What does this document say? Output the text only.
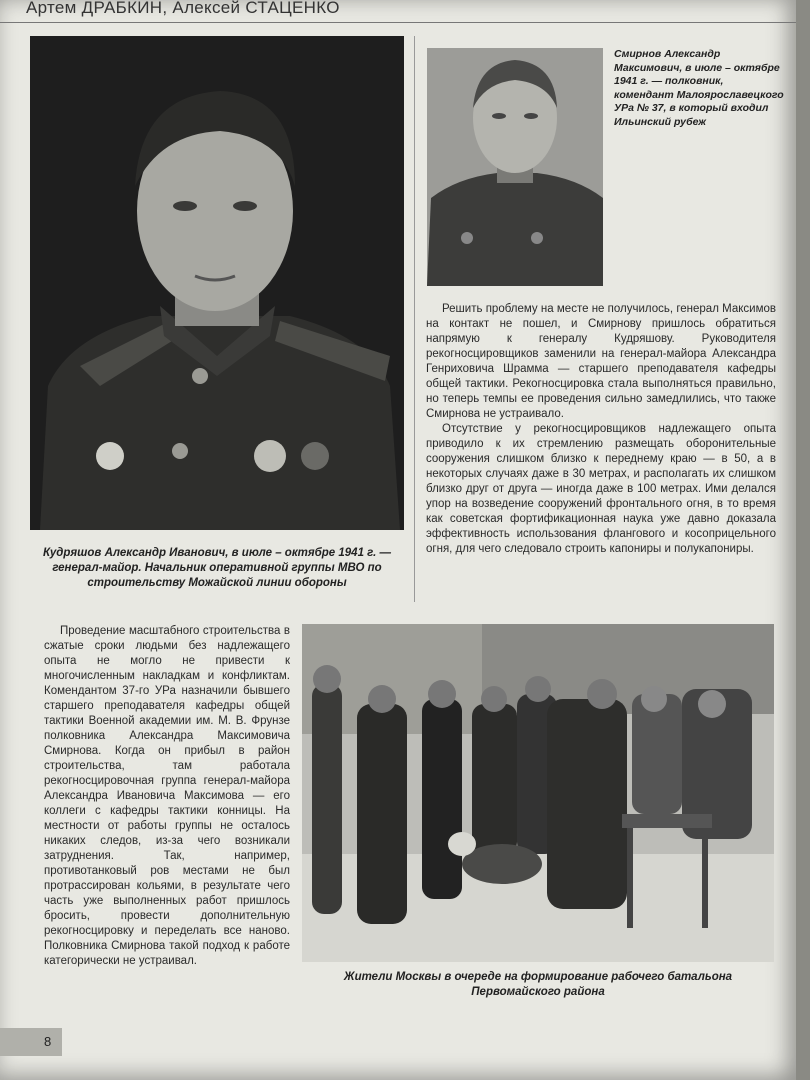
Артем ДРАБКИН, Алексей СТАЦЕНКО
Смирнов Александр Максимович, в июле – октябре 1941 г. — полковник, комендант Малоярославецкого УРа № 37, в который входил Ильинский рубеж
Кудряшов Александр Иванович, в июле – октябре 1941 г. — генерал-майор. Начальник оперативной группы МВО по строительству Можайской линии обороны

Решить проблему на месте не получилось, генерал Максимов на контакт не пошел, и Смирнову пришлось обратиться напрямую к генералу Кудряшову. Руководителя рекогносцировщиков заменили на генерал-майора Александра Генриховича Шрамма — старшего преподавателя кафедры общей тактики. Рекогносцировка стала выполняться правильно, но теперь темпы ее проведения сильно замедлились, что также Смирнова не устраивало.

Отсутствие у рекогносцировщиков надлежащего опыта приводило к их стремлению размещать оборонительные сооружения слишком близко к переднему краю — в 50, а в некоторых случаях даже в 30 метрах, и располагать их слишком близко друг от друга — иногда даже в 100 метрах. Ими делался упор на возведение сооружений фронтального огня, в то время как советская фортификационная наука уже давно доказала эффективность использования флангового и косоприцельного огня, для чего следовало строить капониры и полукапониры.

Проведение масштабного строительства в сжатые сроки людьми без надлежащего опыта не могло не привести к многочисленным накладкам и конфликтам. Комендантом 37-го УРа назначили бывшего старшего преподавателя кафедры общей тактики Военной академии им. М. В. Фрунзе полковника Александра Максимовича Смирнова. Когда он прибыл в район строительства, там работала рекогносцировочная группа генерал-майора Александра Ивановича Максимова — его коллеги с кафедры тактики конницы. На местности от работы группы не осталось никаких следов, из-за чего возникали затруднения. Так, например, противотанковый ров местами не был протрассирован кольями, в результате чего часть уже выполненных работ пришлось бросить, провести дополнительную рекогносцировку и переделать все наново. Полковника Смирнова такой подход к работе категорически не устраивал.

Жители Москвы в очереде на формирование рабочего батальона Первомайского района
8
